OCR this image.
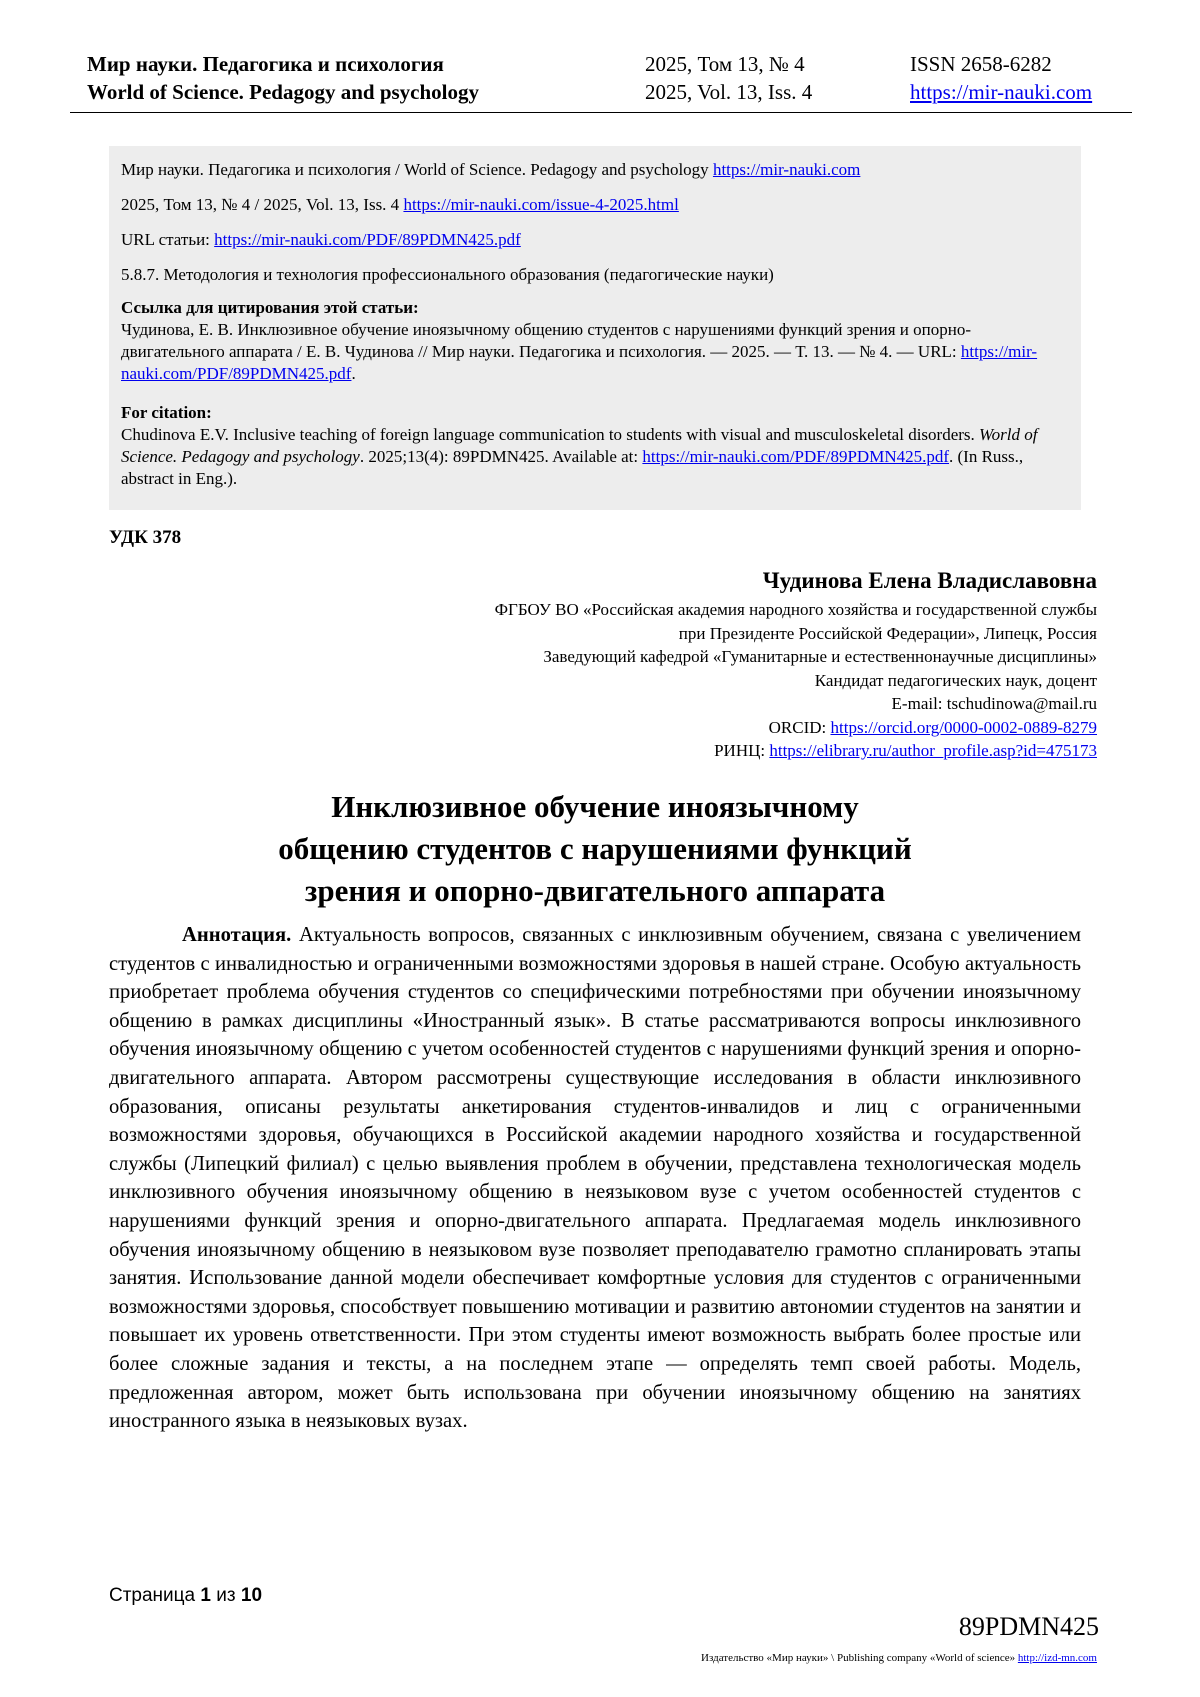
Мир науки. Педагогика и психология
World of Science. Pedagogy and psychology
2025, Том 13, № 4
2025, Vol. 13, Iss. 4
ISSN 2658-6282
https://mir-nauki.com
Мир науки. Педагогика и психология / World of Science. Pedagogy and psychology https://mir-nauki.com
2025, Том 13, № 4 / 2025, Vol. 13, Iss. 4 https://mir-nauki.com/issue-4-2025.html
URL статьи: https://mir-nauki.com/PDF/89PDMN425.pdf
5.8.7. Методология и технология профессионального образования (педагогические науки)
Ссылка для цитирования этой статьи:
Чудинова, Е. В. Инклюзивное обучение иноязычному общению студентов с нарушениями функций зрения и опорно-двигательного аппарата / Е. В. Чудинова // Мир науки. Педагогика и психология. — 2025. — Т. 13. — № 4. — URL: https://mir-nauki.com/PDF/89PDMN425.pdf.
For citation:
Chudinova E.V. Inclusive teaching of foreign language communication to students with visual and musculoskeletal disorders. World of Science. Pedagogy and psychology. 2025;13(4): 89PDMN425. Available at: https://mir-nauki.com/PDF/89PDMN425.pdf. (In Russ., abstract in Eng.).
УДК 378
Чудинова Елена Владиславовна
ФГБОУ ВО «Российская академия народного хозяйства и государственной службы
при Президенте Российской Федерации», Липецк, Россия
Заведующий кафедрой «Гуманитарные и естественнонаучные дисциплины»
Кандидат педагогических наук, доцент
E-mail: tschudinowa@mail.ru
ORCID: https://orcid.org/0000-0002-0889-8279
РИНЦ: https://elibrary.ru/author_profile.asp?id=475173
Инклюзивное обучение иноязычному
общению студентов с нарушениями функций
зрения и опорно-двигательного аппарата
Аннотация. Актуальность вопросов, связанных с инклюзивным обучением, связана с увеличением студентов с инвалидностью и ограниченными возможностями здоровья в нашей стране. Особую актуальность приобретает проблема обучения студентов со специфическими потребностями при обучении иноязычному общению в рамках дисциплины «Иностранный язык». В статье рассматриваются вопросы инклюзивного обучения иноязычному общению с учетом особенностей студентов с нарушениями функций зрения и опорно-двигательного аппарата. Автором рассмотрены существующие исследования в области инклюзивного образования, описаны результаты анкетирования студентов-инвалидов и лиц с ограниченными возможностями здоровья, обучающихся в Российской академии народного хозяйства и государственной службы (Липецкий филиал) с целью выявления проблем в обучении, представлена технологическая модель инклюзивного обучения иноязычному общению в неязыковом вузе с учетом особенностей студентов с нарушениями функций зрения и опорно-двигательного аппарата. Предлагаемая модель инклюзивного обучения иноязычному общению в неязыковом вузе позволяет преподавателю грамотно спланировать этапы занятия. Использование данной модели обеспечивает комфортные условия для студентов с ограниченными возможностями здоровья, способствует повышению мотивации и развитию автономии студентов на занятии и повышает их уровень ответственности. При этом студенты имеют возможность выбрать более простые или более сложные задания и тексты, а на последнем этапе — определять темп своей работы. Модель, предложенная автором, может быть использована при обучении иноязычному общению на занятиях иностранного языка в неязыковых вузах.
Страница 1 из 10
89PDMN425
Издательство «Мир науки» \ Publishing company «World of science» http://izd-mn.com
